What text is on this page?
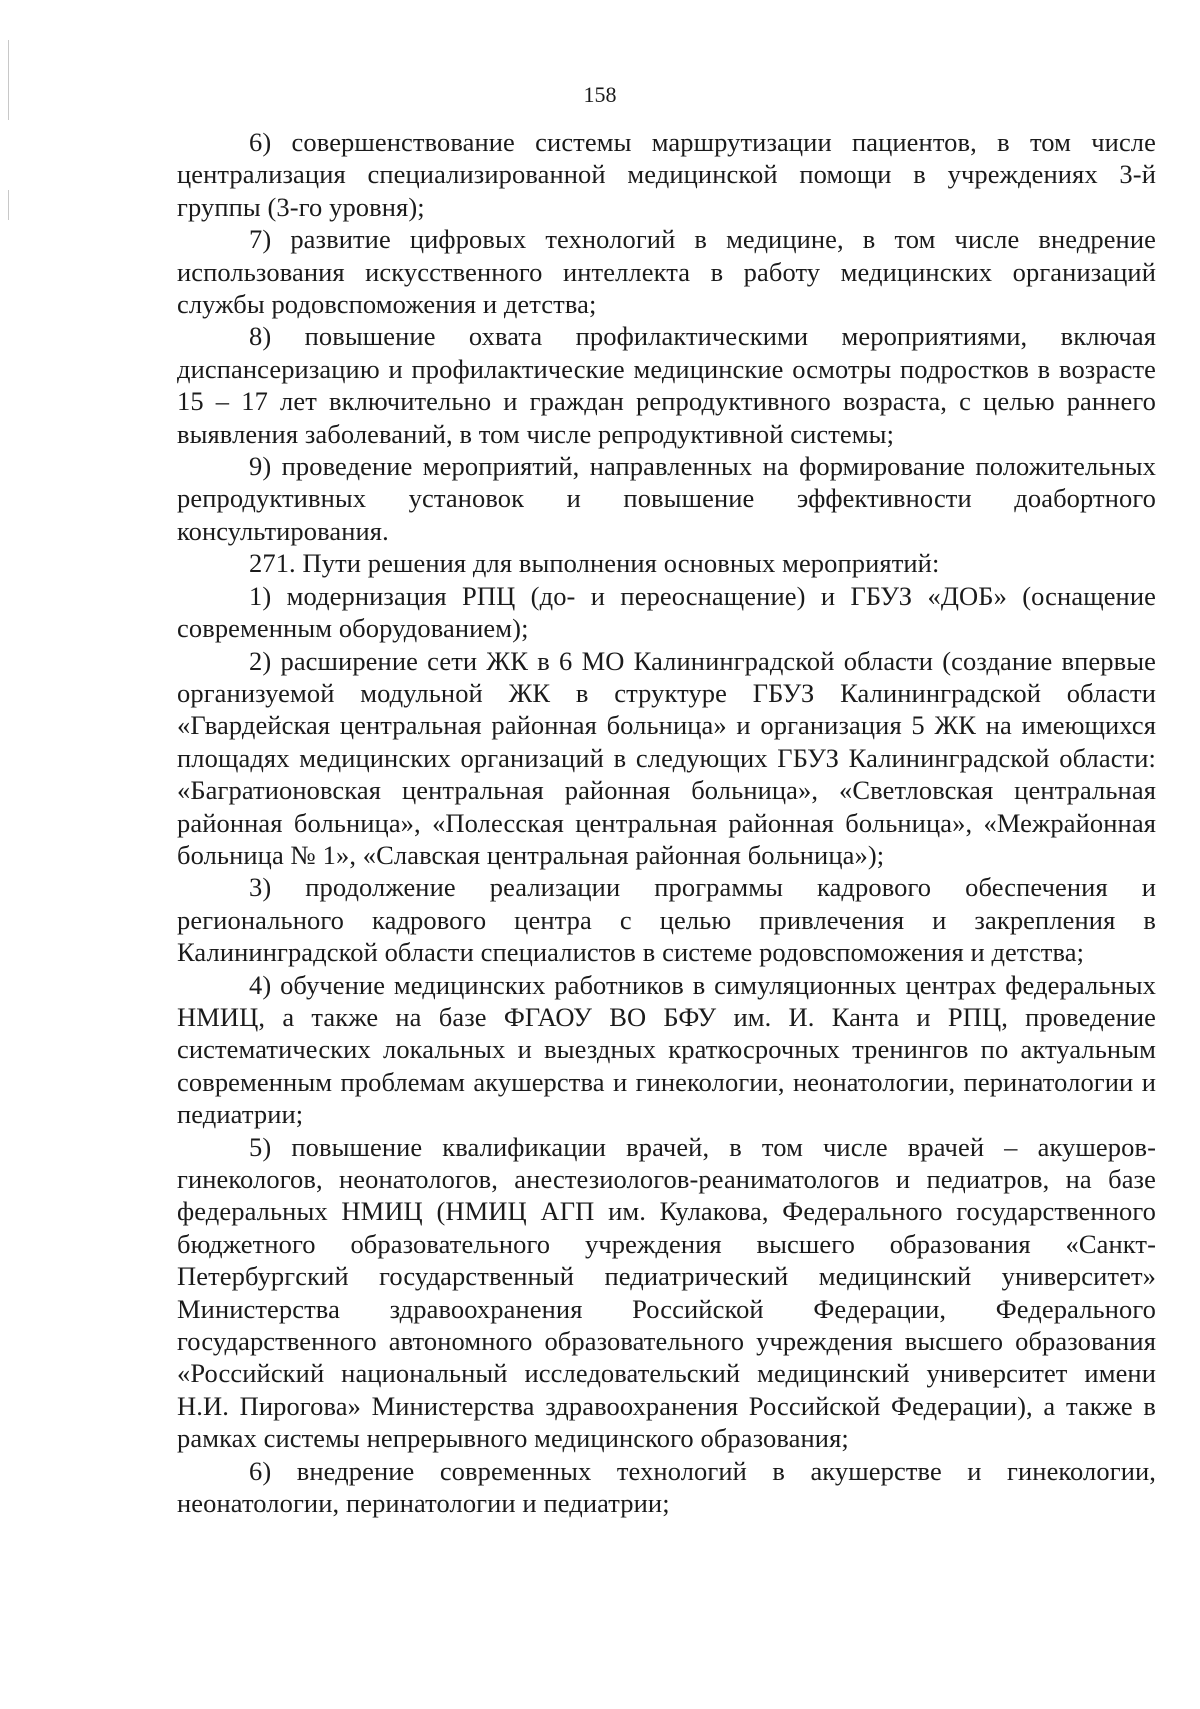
158

6) совершенствование системы маршрутизации пациентов, в том числе централизация специализированной медицинской помощи в учреждениях 3-й группы (3-го уровня);

7) развитие цифровых технологий в медицине, в том числе внедрение использования искусственного интеллекта в работу медицинских организаций службы родовспоможения и детства;

8) повышение охвата профилактическими мероприятиями, включая диспансеризацию и профилактические медицинские осмотры подростков в возрасте 15 – 17 лет включительно и граждан репродуктивного возраста, с целью раннего выявления заболеваний, в том числе репродуктивной системы;

9) проведение мероприятий, направленных на формирование положительных репродуктивных установок и повышение эффективности доабортного консультирования.

271. Пути решения для выполнения основных мероприятий:

1) модернизация РПЦ (до- и переоснащение) и ГБУЗ «ДОБ» (оснащение современным оборудованием);

2) расширение сети ЖК в 6 МО Калининградской области (создание впервые организуемой модульной ЖК в структуре ГБУЗ Калининградской области «Гвардейская центральная районная больница» и организация 5 ЖК на имеющихся площадях медицинских организаций в следующих ГБУЗ Калининградской области: «Багратионовская центральная районная больница», «Светловская центральная районная больница», «Полесская центральная районная больница», «Межрайонная больница № 1», «Славская центральная районная больница»);

3) продолжение реализации программы кадрового обеспечения и регионального кадрового центра с целью привлечения и закрепления в Калининградской области специалистов в системе родовспоможения и детства;

4) обучение медицинских работников в симуляционных центрах федеральных НМИЦ, а также на базе ФГАОУ ВО БФУ им. И. Канта и РПЦ, проведение систематических локальных и выездных краткосрочных тренингов по актуальным современным проблемам акушерства и гинекологии, неонатологии, перинатологии и педиатрии;

5) повышение квалификации врачей, в том числе врачей – акушеров-гинекологов, неонатологов, анестезиологов-реаниматологов и педиатров, на базе федеральных НМИЦ (НМИЦ АГП им. Кулакова, Федерального государственного бюджетного образовательного учреждения высшего образования «Санкт-Петербургский государственный педиатрический медицинский университет» Министерства здравоохранения Российской Федерации, Федерального государственного автономного образовательного учреждения высшего образования «Российский национальный исследовательский медицинский университет имени Н.И. Пирогова» Министерства здравоохранения Российской Федерации), а также в рамках системы непрерывного медицинского образования;

6) внедрение современных технологий в акушерстве и гинекологии, неонатологии, перинатологии и педиатрии;
